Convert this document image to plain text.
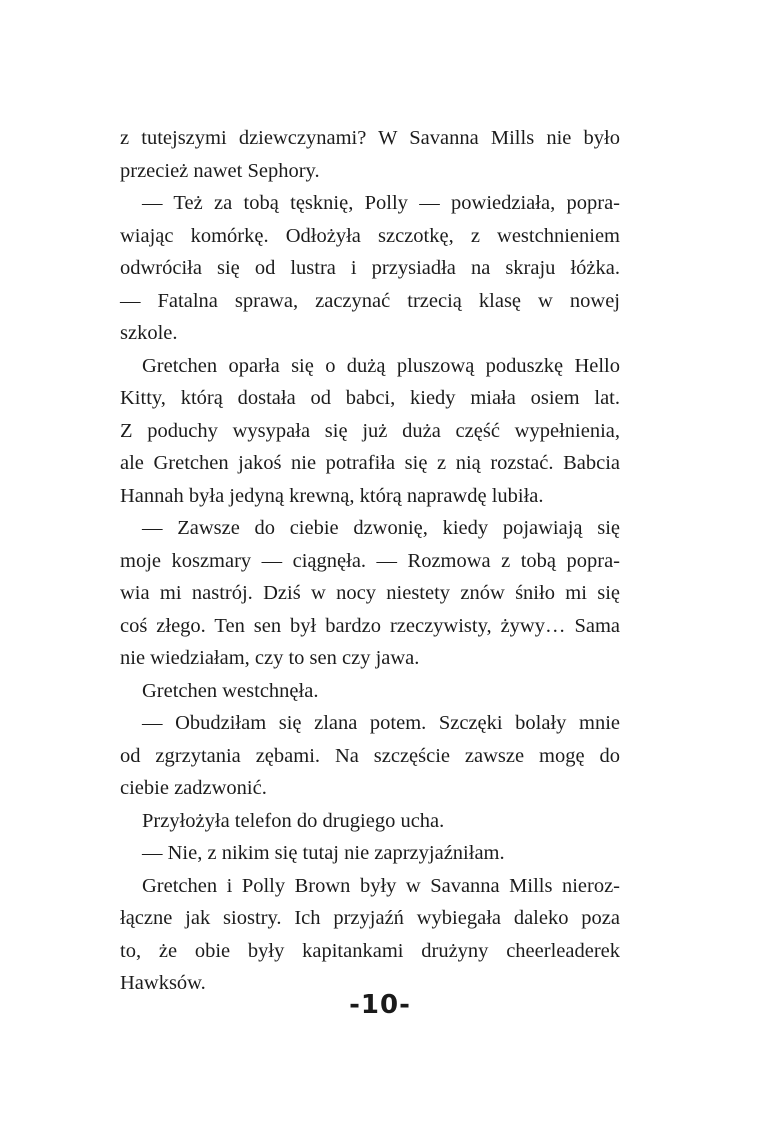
z tutejszymi dziewczynami? W Savanna Mills nie było
przecież nawet Sephory.
— Też za tobą tęsknię, Polly — powiedziała, popra-
wiając komórkę. Odłożyła szczotkę, z westchnieniem
odwróciła się od lustra i przysiadła na skraju łóżka.
— Fatalna sprawa, zaczynać trzecią klasę w nowej
szkole.
Gretchen oparła się o dużą pluszową poduszkę Hello
Kitty, którą dostała od babci, kiedy miała osiem lat.
Z poduchy wysypała się już duża część wypełnienia,
ale Gretchen jakoś nie potrafiła się z nią rozstać. Babcia
Hannah była jedyną krewną, którą naprawdę lubiła.
— Zawsze do ciebie dzwonię, kiedy pojawiają się
moje koszmary — ciągnęła. — Rozmowa z tobą popra-
wia mi nastrój. Dziś w nocy niestety znów śniło mi się
coś złego. Ten sen był bardzo rzeczywisty, żywy… Sama
nie wiedziałam, czy to sen czy jawa.
Gretchen westchnęła.
— Obudziłam się zlana potem. Szczęki bolały mnie
od zgrzytania zębami. Na szczęście zawsze mogę do
ciebie zadzwonić.
Przyłożyła telefon do drugiego ucha.
— Nie, z nikim się tutaj nie zaprzyjaźniłam.
Gretchen i Polly Brown były w Savanna Mills nieroz-
łączne jak siostry. Ich przyjaźń wybiegała daleko poza
to, że obie były kapitankami drużyny cheerleaderek
Hawksów.
-10-
